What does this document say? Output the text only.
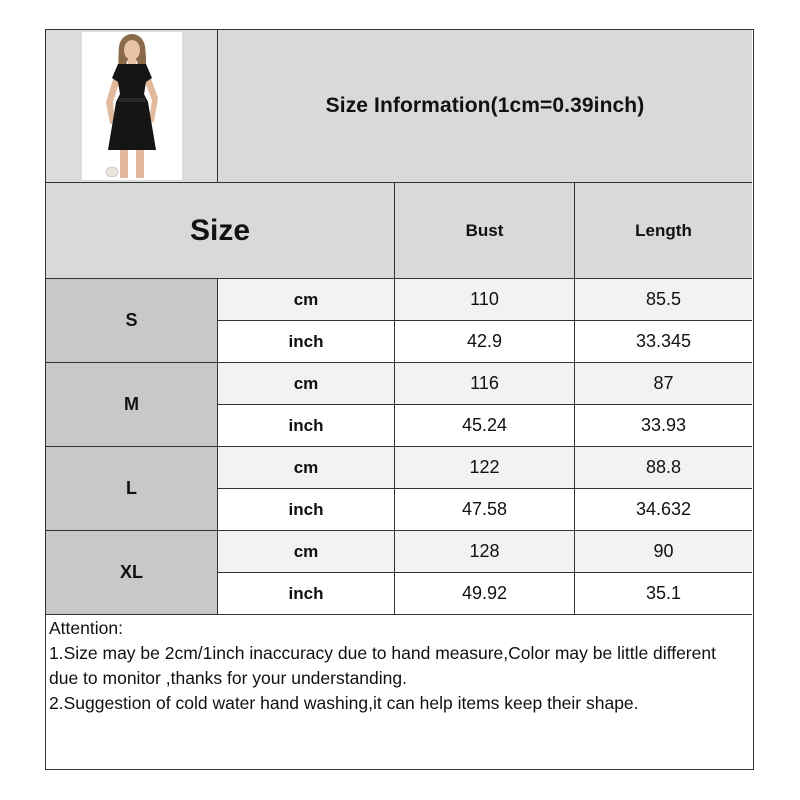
Size Information(1cm=0.39inch)
Size	Bust	Length
S
cm	110	85.5
inch	42.9	33.345
M
cm	116	87
inch	45.24	33.93
L
cm	122	88.8
inch	47.58	34.632
XL
cm	128	90
inch	49.92	35.1
Attention:
1.Size may be 2cm/1inch inaccuracy due to hand measure,Color may be little different due to monitor ,thanks for your understanding.
2.Suggestion of cold water hand washing,it can help items keep their shape.
